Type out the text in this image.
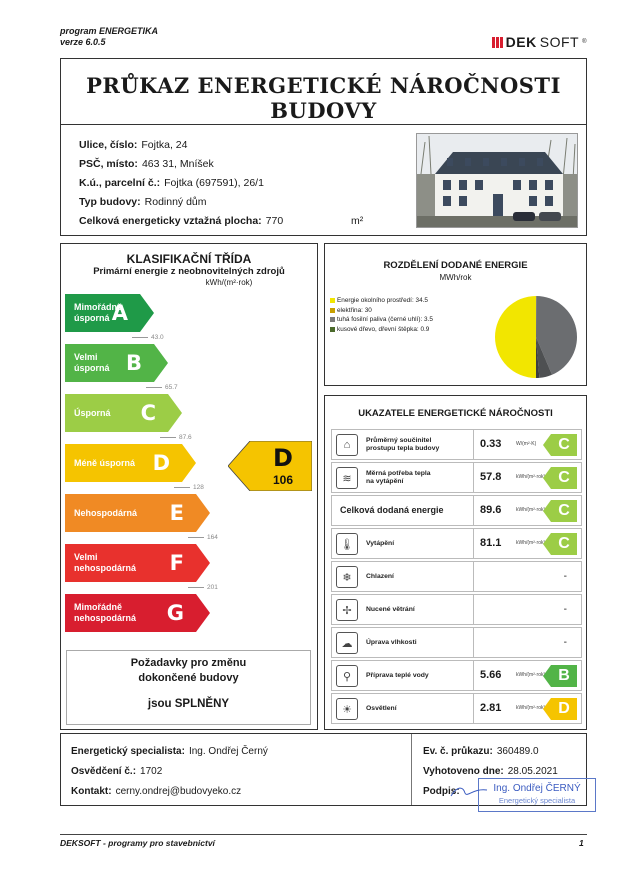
program ENERGETIKA
verze 6.0.5	DEK SOFT ®
PRŮKAZ ENERGETICKÉ NÁROČNOSTI BUDOVY

Ulice, číslo: Fojtka, 24
PSČ, místo: 463 31, Mníšek
K.ú., parcelní č.: Fojtka (697591), 26/1
Typ budovy: Rodinný dům
Celková energeticky vztažná plocha: 770	m²
KLASIFIKAČNÍ TŘÍDA
Primární energie z neobnovitelných zdrojů
kWh/(m²·rok)
Mimořádně
úsporná A
43.0
Velmi
úsporná B
65.7
Úsporná C
87.6
Méně úsporná D
128
Nehospodárná E
164
Velmi
nehospodárná F
201
Mimořádně
nehospodárná G
D
106
Požadavky pro změnu
dokončené budovy
jsou SPLNĚNY
ROZDĚLENÍ DODANÉ ENERGIE
MWh/rok
Energie okolního prostředí: 34.5
elektřina: 30
tuhá fosilní paliva (černé uhlí): 3.5
kusové dřevo, dřevní štěpka: 0.9
UKAZATELE ENERGETICKÉ NÁROČNOSTI
⌂	Průměrný součinitel
prostupu tepla budovy	0.33	W/(m²·K)	C
≋	Měrná potřeba tepla
na vytápění	57.8	kWh/(m²·rok) C
Celková dodaná energie	89.6	kWh/(m²·rok) C
🌡	Vytápění	81.1	kWh/(m²·rok) C
❄	Chlazení	-
✢	Nucené větrání	-
☁	Úprava vlhkosti	-
⚲	Příprava teplé vody	5.66	kWh/(m²·rok) B
☀	Osvětlení	2.81	kWh/(m²·rok) D
Energetický specialista: Ing. Ondřej Černý
Osvědčení č.: 1702
Kontakt: cerny.ondrej@budovyeko.cz
Ev. č. průkazu: 360489.0
Vyhotoveno dne: 28.05.2021
Podpis:	Ing. Ondřej ČERNÝ
Energetický specialista
DEKSOFT - programy pro stavebnictví	1
